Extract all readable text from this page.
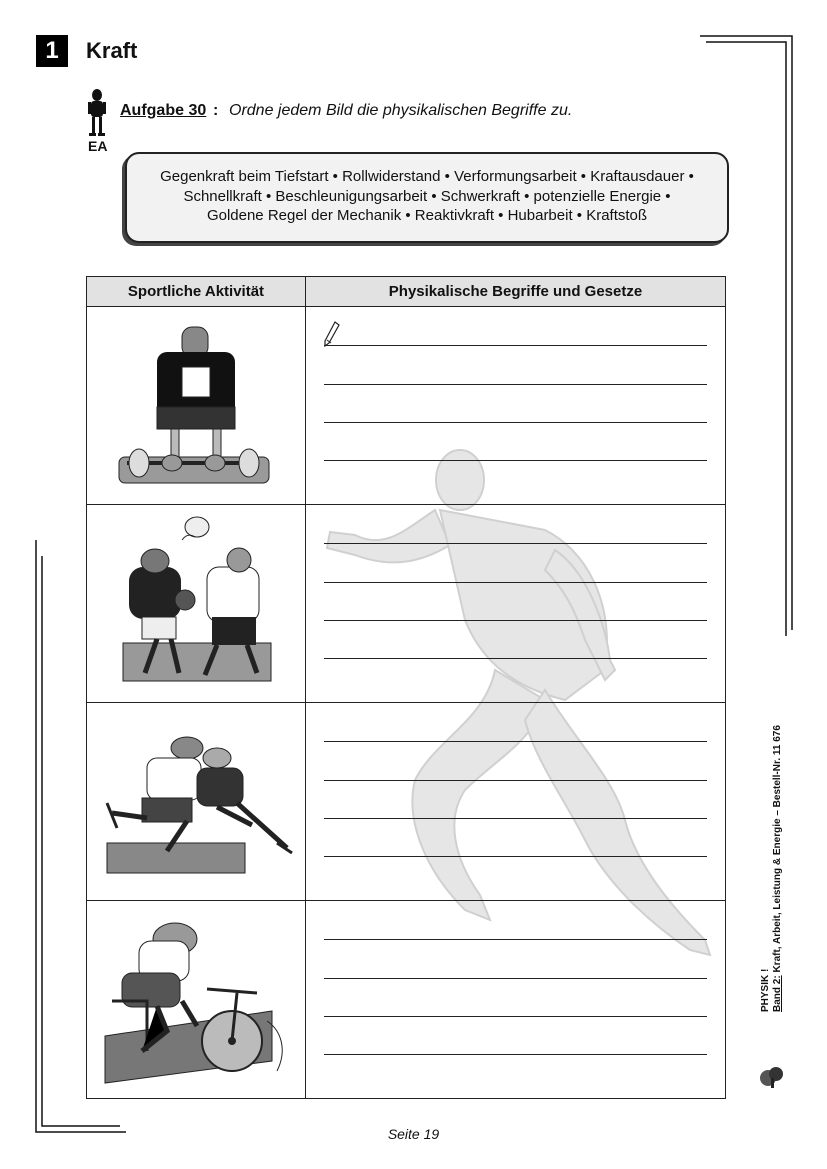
1	Kraft
EA
Aufgabe 30 : Ordne jedem Bild die physikalischen Begriffe zu.
Gegenkraft beim Tiefstart • Rollwiderstand • Verformungsarbeit • Kraftausdauer •
Schnellkraft • Beschleunigungsarbeit • Schwerkraft • potenzielle Energie •
Goldene Regel der Mechanik • Reaktivkraft • Hubarbeit • Kraftstoß
Sportliche Aktivität	Physikalische Begriffe und Gesetze

Seite 19
PHYSIK ! Band 2: Kraft, Arbeit, Leistung & Energie – Bestell-Nr. 11 676
